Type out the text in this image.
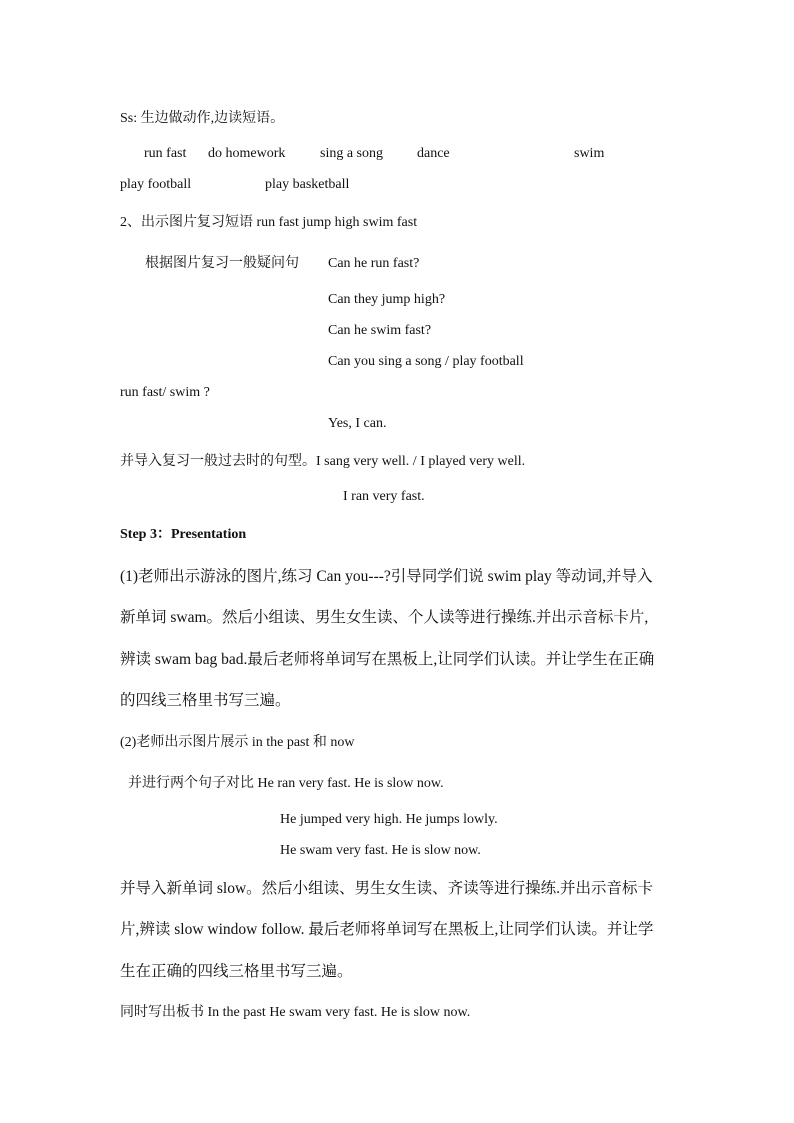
Ss: 生边做动作,边读短语。
run fast do homework sing a song dance	swim
play football	play basketball
2、出示图片复习短语 run fast jump high swim fast
根据图片复习一般疑问句 Can he run fast?
Can they jump high?
Can he swim fast?
Can you sing a song / play football
run fast/ swim ?
Yes, I can.
并导入复习一般过去时的句型。I sang very well. / I played very well.
I ran very fast.
Step 3：Presentation
(1)老师出示游泳的图片,练习 Can you---?引导同学们说 swim play 等动词,并导入
新单词 swam。然后小组读、男生女生读、个人读等进行操练.并出示音标卡片,
辨读 swam bag bad.最后老师将单词写在黑板上,让同学们认读。并让学生在正确
的四线三格里书写三遍。
(2)老师出示图片展示 in the past 和 now
并进行两个句子对比 He ran very fast. He is slow now.
He jumped very high. He jumps lowly.
He swam very fast. He is slow now.
并导入新单词 slow。然后小组读、男生女生读、齐读等进行操练.并出示音标卡
片,辨读 slow window follow. 最后老师将单词写在黑板上,让同学们认读。并让学
生在正确的四线三格里书写三遍。
同时写出板书 In the past He swam very fast. He is slow now.
